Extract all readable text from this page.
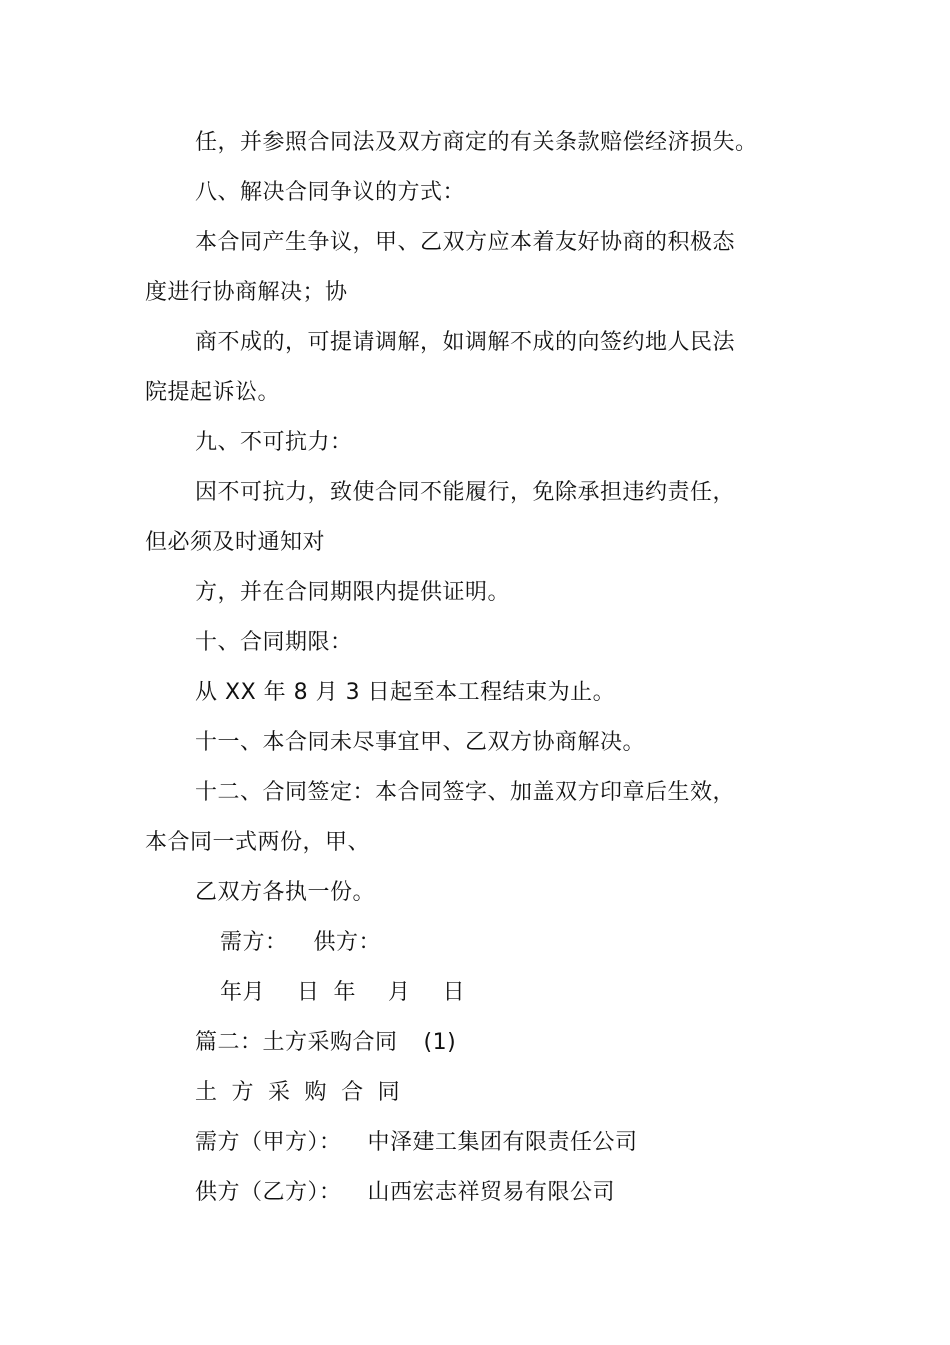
任，并参照合同法及双方商定的有关条款赔偿经济损失。
八、解决合同争议的方式：
本合同产生争议，甲、乙双方应本着友好协商的积极态
度进行协商解决；协
商不成的，可提请调解，如调解不成的向签约地人民法
院提起诉讼。
九、不可抗力：
因不可抗力，致使合同不能履行，免除承担违约责任，
但必须及时通知对
方，并在合同期限内提供证明。
十、合同期限：
从 XX 年 8 月 3 日起至本工程结束为止。
十一、本合同未尽事宜甲、乙双方协商解决。
十二、合同签定：本合同签字、加盖双方印章后生效，
本合同一式两份，甲、
乙双方各执一份。
需方： 供方：
年月 日 年 月 日
篇二：土方采购合同 (1)
土 方 采 购 合 同
需方（甲方）： 中泽建工集团有限责任公司
供方（乙方）： 山西宏志祥贸易有限公司
